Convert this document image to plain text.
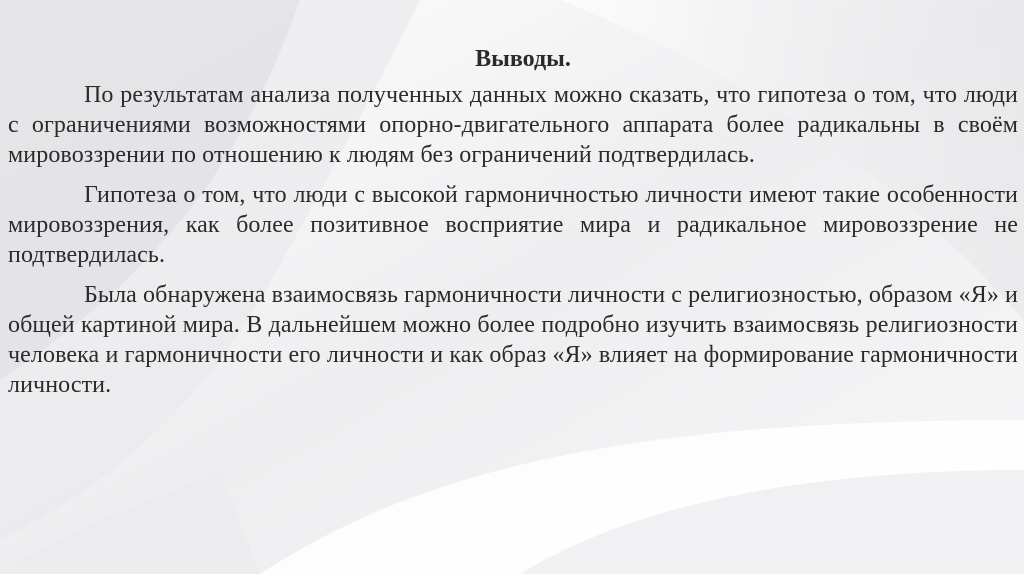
Выводы.

По результатам анализа полученных данных можно сказать, что гипотеза о том, что люди с ограничениями возможностями опорно-двигательного аппарата более радикальны в своём мировоззрении по отношению к людям без ограничений подтвердилась.

Гипотеза о том, что люди с высокой гармоничностью личности имеют такие особенности мировоззрения, как более позитивное восприятие мира и радикальное мировоззрение не подтвердилась.

Была обнаружена взаимосвязь гармоничности личности с религиозностью, образом «Я» и общей картиной мира. В дальнейшем можно более подробно изучить взаимосвязь религиозности человека и гармоничности его личности и как образ «Я» влияет на формирование гармоничности личности.
